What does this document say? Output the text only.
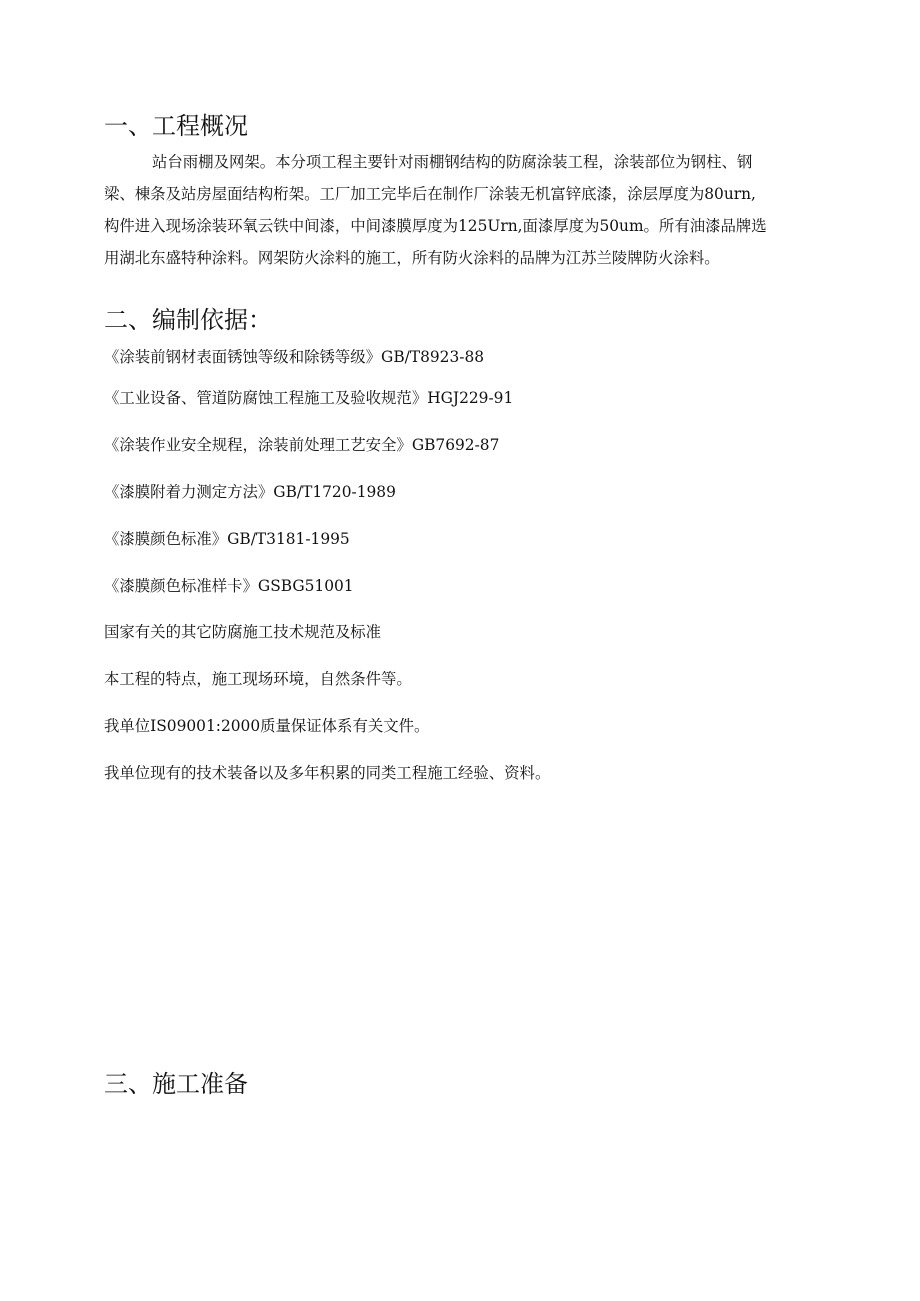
一、工程概况

站台雨棚及网架。本分项工程主要针对雨棚钢结构的防腐涂装工程，涂装部位为钢柱、钢
梁、棟条及站房屋面结构桁架。工厂加工完毕后在制作厂涂装无机富锌底漆，涂层厚度为80urn,
构件进入现场涂装环氧云铁中间漆，中间漆膜厚度为125Urn,面漆厚度为50um。所有油漆品牌选
用湖北东盛特种涂料。网架防火涂料的施工，所有防火涂料的品牌为江苏兰陵牌防火涂料。

二、编制依据：

《涂装前钢材表面锈蚀等级和除锈等级》GB/T8923-88

《工业设备、管道防腐蚀工程施工及验收规范》HGJ229-91

《涂装作业安全规程，涂装前处理工艺安全》GB7692-87

《漆膜附着力测定方法》GB/T1720-1989

《漆膜颜色标准》GB/T3181-1995

《漆膜颜色标准样卡》GSBG51001

国家有关的其它防腐施工技术规范及标准

本工程的特点，施工现场环境，自然条件等。

我单位IS09001:2000质量保证体系有关文件。

我单位现有的技术装备以及多年积累的同类工程施工经验、资料。

三、施工准备
